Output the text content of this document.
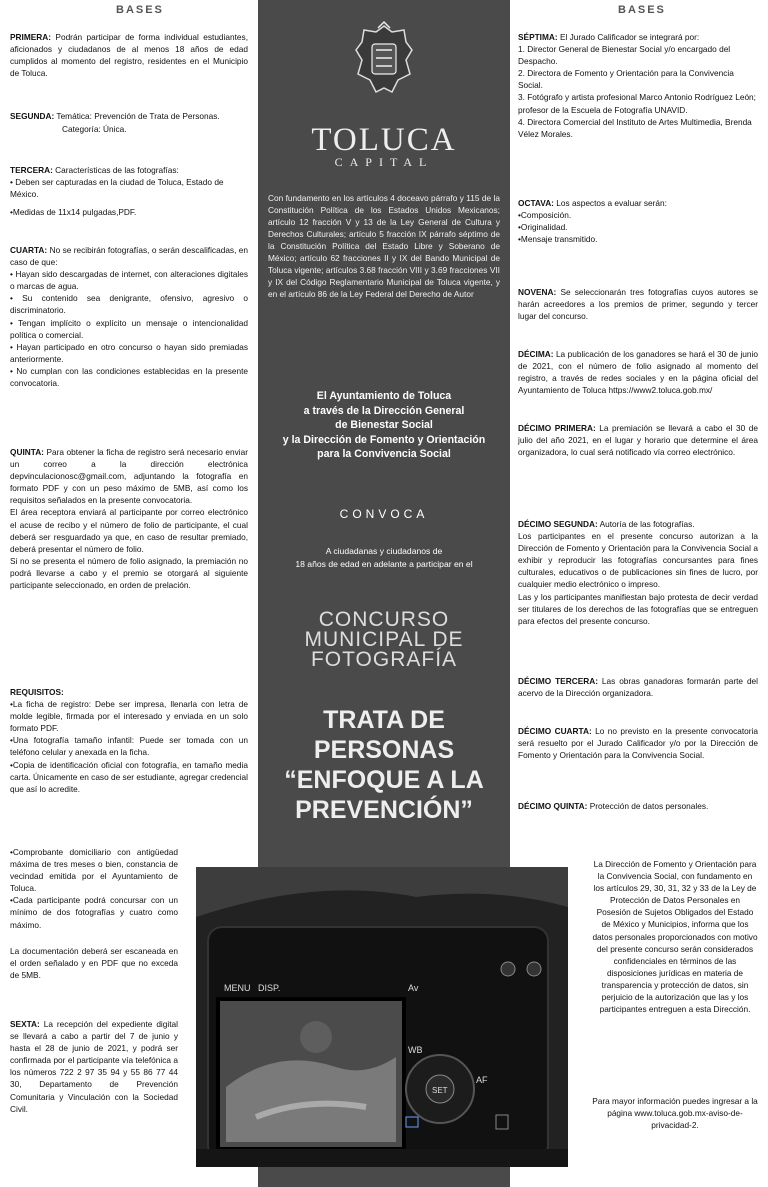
TOLUCA
CAPITAL
Con fundamento en los artículos 4 doceavo párrafo y 115 de la Constitución Política de los Estados Unidos Mexicanos; artículo 12 fracción V y 13 de la Ley General de Cultura y Derechos Culturales; artículo 5 fracción IX párrafo séptimo de la Constitución Política del Estado Libre y Soberano de México; artículo 62 fracciones II y IX del Bando Municipal de Toluca vigente; artículos 3.68 fracción VIII y 3.69 fracciones VII y IX del Código Reglamentario Municipal de Toluca vigente, y en el artículo 86 de la Ley Federal del Derecho de Autor
El Ayuntamiento de Toluca
a través de la Dirección General
de Bienestar Social
y la Dirección de Fomento y Orientación
para la Convivencia Social
CONVOCA
A ciudadanas y ciudadanos de
18 años de edad en adelante a participar en el
CONCURSO
MUNICIPAL DE
FOTOGRAFÍA
TRATA DE
PERSONAS
“ENFOQUE A LA
PREVENCIÓN”
MENU DISP.	Av
WB
SET
AF
BASES

PRIMERA: Podrán participar de forma individual estudiantes, aficionados y ciudadanos de al menos 18 años de edad cumplidos al momento del registro, residentes en el Municipio de Toluca.

SEGUNDA: Temática: Prevención de Trata de Personas.

Categoría: Única.

TERCERA: Características de las fotografías:

• Deben ser capturadas en la ciudad de Toluca, Estado de México.

•Medidas de 11x14 pulgadas,PDF.

CUARTA: No se recibirán fotografías, o serán descalificadas, en caso de que:

• Hayan sido descargadas de internet, con alteraciones digitales o marcas de agua.

• Su contenido sea denigrante, ofensivo, agresivo o discriminatorio.

• Tengan implícito o explícito un mensaje o intencionalidad política o comercial.

• Hayan participado en otro concurso o hayan sido premiadas anteriormente.

• No cumplan con las condiciones establecidas en la presente convocatoria.

QUINTA: Para obtener la ficha de registro será necesario enviar un correo a la dirección electrónica depvinculacionosc@gmail.com, adjuntando la fotografía en formato PDF y con un peso máximo de 5MB, así como los requisitos señalados en la presente convocatoria.

El área receptora enviará al participante por correo electrónico el acuse de recibo y el número de folio de participante, el cual deberá ser resguardado ya que, en caso de resultar premiado, deberá presentar el número de folio.

Si no se presenta el número de folio asignado, la premiación no podrá llevarse a cabo y el premio se otorgará al siguiente participante seleccionado, en orden de prelación.

REQUISITOS:

•La ficha de registro: Debe ser impresa, llenarla con letra de molde legible, firmada por el interesado y enviada en un solo formato PDF.

•Una fotografía tamaño infantil: Puede ser tomada con un teléfono celular y anexada en la ficha.

•Copia de identificación oficial con fotografía, en tamaño media carta. Únicamente en caso de ser estudiante, agregar credencial que así lo acredite.

•Comprobante domiciliario con antigüedad máxima de tres meses o bien, constancia de vecindad emitida por el Ayuntamiento de Toluca.

•Cada participante podrá concursar con un mínimo de dos fotografías y cuatro como máximo.

La documentación deberá ser escaneada en el orden señalado y en PDF que no exceda de 5MB.

SEXTA: La recepción del expediente digital se llevará a cabo a partir del 7 de junio y hasta el 28 de junio de 2021, y podrá ser confirmada por el participante vía telefónica a los números 722 2 97 35 94 y 55 86 77 44 30, Departamento de Prevención Comunitaria y Vinculación con la Sociedad Civil.

BASES

SÉPTIMA: El Jurado Calificador se integrará por:

1. Director General de Bienestar Social y/o encargado del Despacho.

2. Directora de Fomento y Orientación para la Convivencia Social.

3. Fotógrafo y artista profesional Marco Antonio Rodríguez León; profesor de la Escuela de Fotografía UNAVID.

4. Directora Comercial del Instituto de Artes Multimedia, Brenda Vélez Morales.

OCTAVA: Los aspectos a evaluar serán:

•Composición.

•Originalidad.

•Mensaje transmitido.

NOVENA: Se seleccionarán tres fotografías cuyos autores se harán acreedores a los premios de primer, segundo y tercer lugar del concurso.

DÉCIMA: La publicación de los ganadores se hará el 30 de junio de 2021, con el número de folio asignado al momento del registro, a través de redes sociales y en la página oficial del Ayuntamiento de Toluca https://www2.toluca.gob.mx/

DÉCIMO PRIMERA: La premiación se llevará a cabo el 30 de julio del año 2021, en el lugar y horario que determine el área organizadora, lo cual será notificado vía correo electrónico.

DÉCIMO SEGUNDA: Autoría de las fotografías.

Los participantes en el presente concurso autorizan a la Dirección de Fomento y Orientación para la Convivencia Social a exhibir y reproducir las fotografías concursantes para fines culturales, educativos o de publicaciones sin fines de lucro, por cualquier medio electrónico o impreso.

Las y los participantes manifiestan bajo protesta de decir verdad ser titulares de los derechos de las fotografías que se entreguen para efectos del presente concurso.

DÉCIMO TERCERA: Las obras ganadoras formarán parte del acervo de la Dirección organizadora.

DÉCIMO CUARTA: Lo no previsto en la presente convocatoria será resuelto por el Jurado Calificador y/o por la Dirección de Fomento y Orientación para la Convivencia Social.

DÉCIMO QUINTA: Protección de datos personales.

La Dirección de Fomento y Orientación para la Convivencia Social, con fundamento en los artículos 29, 30, 31, 32 y 33 de la Ley de Protección de Datos Personales en Posesión de Sujetos Obligados del Estado de México y Municipios, informa que los datos personales proporcionados con motivo del presente concurso serán considerados confidenciales en términos de las disposiciones jurídicas en materia de transparencia y protección de datos, sin perjuicio de la autorización que las y los participantes entreguen a esta Dirección.

Para mayor información puedes ingresar a la página www.toluca.gob.mx-aviso-de-privacidad-2.
